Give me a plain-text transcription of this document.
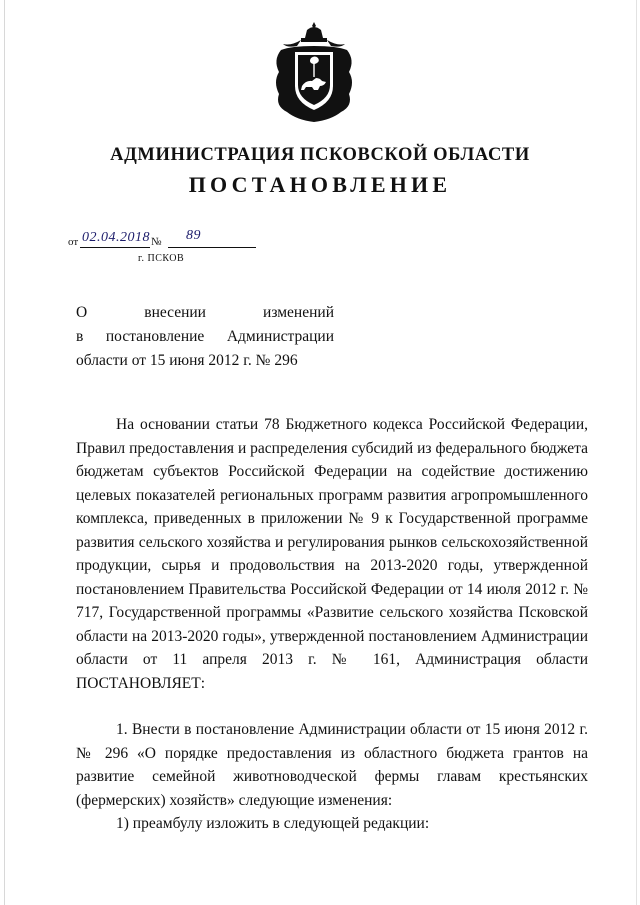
АДМИНИСТРАЦИЯ ПСКОВСКОЙ ОБЛАСТИ
ПОСТАНОВЛЕНИЕ
от 02.04.2018 № 89
г. ПСКОВ
О внесении изменений
в постановление Администрации
области от 15 июня 2012 г. № 296

На основании статьи 78 Бюджетного кодекса Российской Федерации, Правил предоставления и распределения субсидий из федерального бюджета бюджетам субъектов Российской Федерации на содействие достижению целевых показателей региональных программ развития агропромышленного комплекса, приведенных в приложении № 9 к Государственной программе развития сельского хозяйства и регулирования рынков сельскохозяйственной продукции, сырья и продовольствия на 2013-2020 годы, утвержденной постановлением Правительства Российской Федерации от 14 июля 2012 г. № 717, Государственной программы «Развитие сельского хозяйства Псковской области на 2013-2020 годы», утвержденной постановлением Администрации области от 11 апреля 2013 г. № 161, Администрация области ПОСТАНОВЛЯЕТ:

1. Внести в постановление Администрации области от 15 июня 2012 г. № 296 «О порядке предоставления из областного бюджета грантов на развитие семейной животноводческой фермы главам крестьянских (фермерских) хозяйств» следующие изменения:

1) преамбулу изложить в следующей редакции:
